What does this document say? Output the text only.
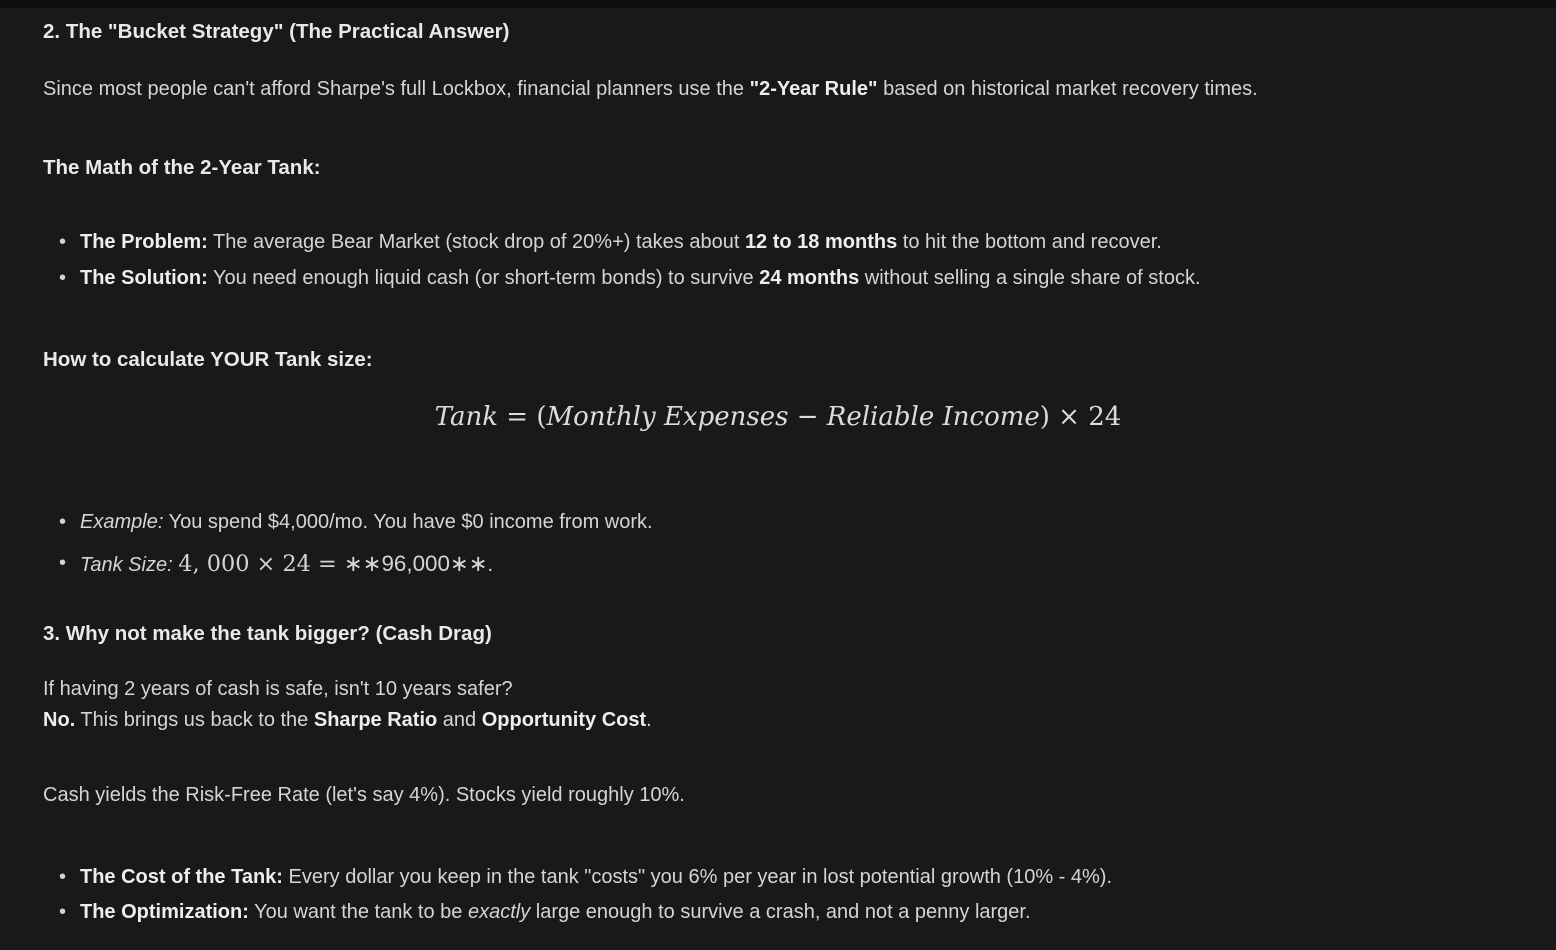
2. The "Bucket Strategy" (The Practical Answer)

Since most people can't afford Sharpe's full Lockbox, financial planners use the "2-Year Rule" based on historical market recovery times.

The Math of the 2-Year Tank:
• The Problem: The average Bear Market (stock drop of 20%+) takes about 12 to 18 months to hit the bottom and recover.
• The Solution: You need enough liquid cash (or short-term bonds) to survive 24 months without selling a single share of stock.
How to calculate YOUR Tank size:
Tank = (Monthly Expenses − Reliable Income) × 24
• Example: You spend $4,000/mo. You have $0 income from work.
• Tank Size: 4, 000 × 24 = ∗∗96,000∗∗.
3. Why not make the tank bigger? (Cash Drag)

If having 2 years of cash is safe, isn't 10 years safer?
No. This brings us back to the Sharpe Ratio and Opportunity Cost.

Cash yields the Risk-Free Rate (let's say 4%). Stocks yield roughly 10%.

• The Cost of the Tank: Every dollar you keep in the tank "costs" you 6% per year in lost potential growth (10% - 4%).
• The Optimization: You want the tank to be exactly large enough to survive a crash, and not a penny larger.
